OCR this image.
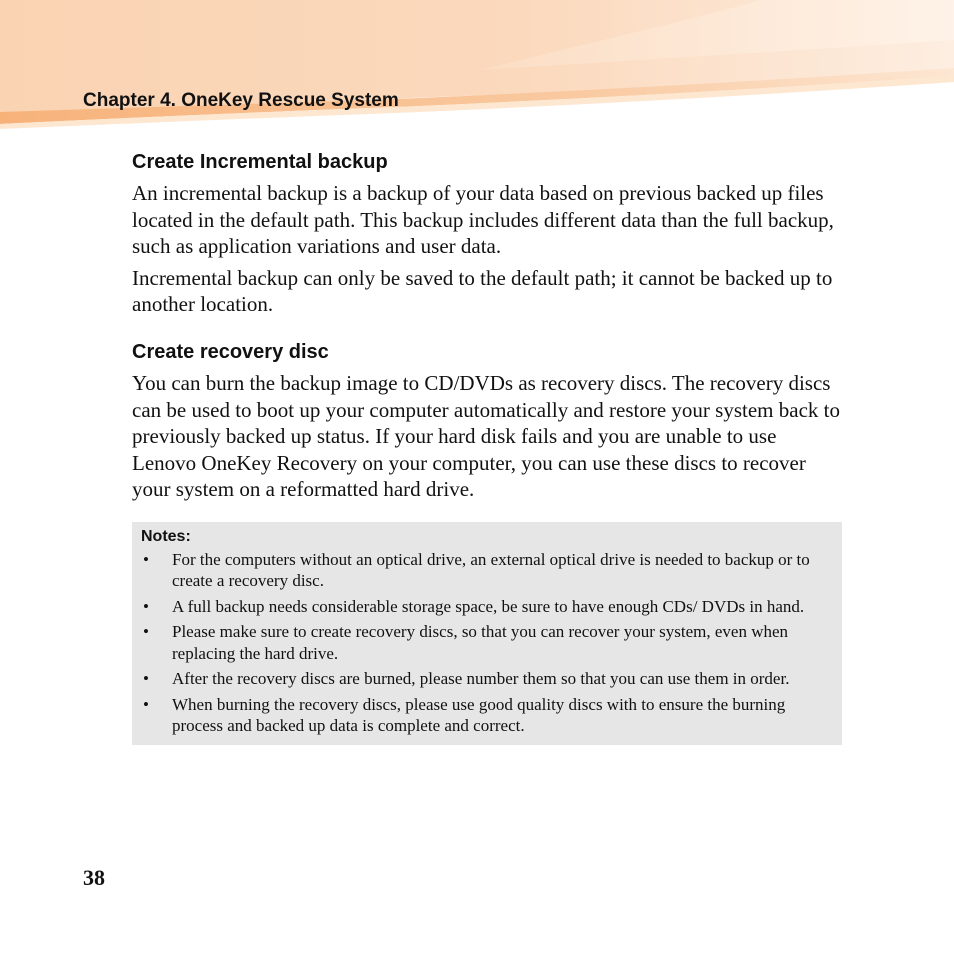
Chapter 4. OneKey Rescue System
Create Incremental backup

An incremental backup is a backup of your data based on previous backed up files located in the default path. This backup includes different data than the full backup, such as application variations and user data.

Incremental backup can only be saved to the default path; it cannot be backed up to another location.

Create recovery disc

You can burn the backup image to CD/DVDs as recovery discs. The recovery discs can be used to boot up your computer automatically and restore your system back to previously backed up status. If your hard disk fails and you are unable to use Lenovo OneKey Recovery on your computer, you can use these discs to recover your system on a reformatted hard drive.

Notes:

•	For the computers without an optical drive, an external optical drive is needed to backup or to create a recovery disc.
•	A full backup needs considerable storage space, be sure to have enough CDs/ DVDs in hand.
•	Please make sure to create recovery discs, so that you can recover your system, even when replacing the hard drive.
•	After the recovery discs are burned, please number them so that you can use them in order.
•	When burning the recovery discs, please use good quality discs with to ensure the burning process and backed up data is complete and correct.

38
